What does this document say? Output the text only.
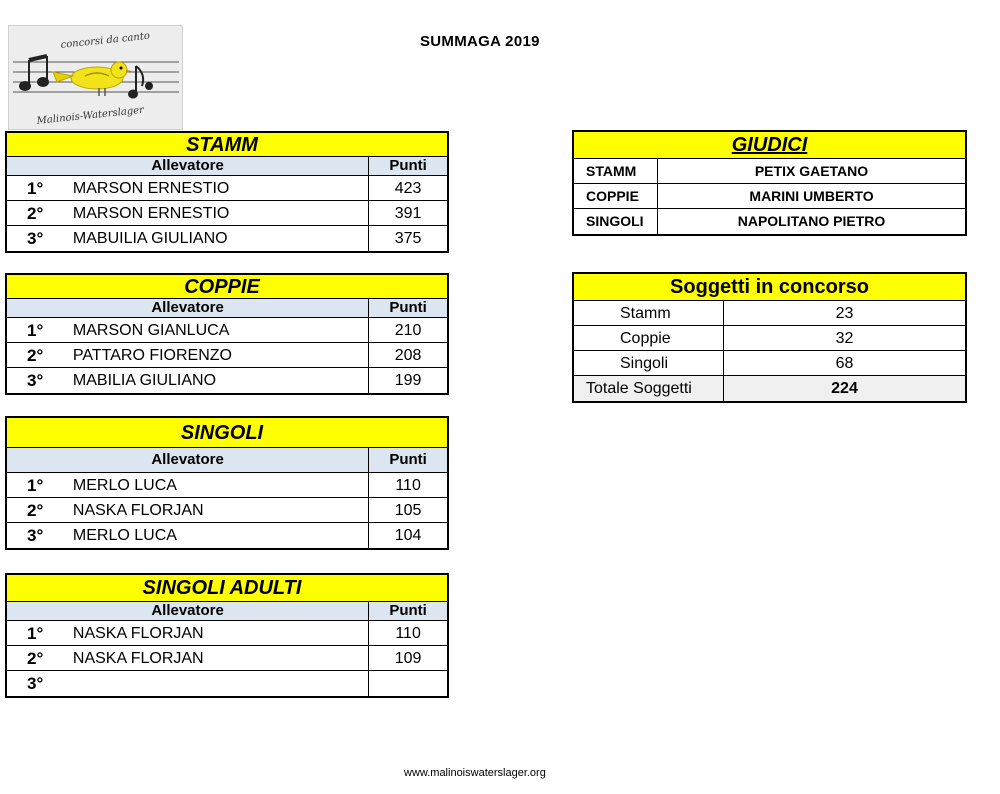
concorsi da canto
Malinois-Waterslager
SUMMAGA 2019
STAMM
Allevatore	Punti
1°	MARSON ERNESTIO	423
2°	MARSON ERNESTIO	391
3°	MABUILIA GIULIANO	375
COPPIE
Allevatore	Punti
1°	MARSON GIANLUCA	210
2°	PATTARO FIORENZO	208
3°	MABILIA GIULIANO	199
SINGOLI
Allevatore	Punti
1°	MERLO LUCA	110
2°	NASKA FLORJAN	105
3°	MERLO LUCA	104
SINGOLI ADULTI
Allevatore	Punti
1°	NASKA FLORJAN	110
2°	NASKA FLORJAN	109
3°
GIUDICI
STAMM	PETIX GAETANO
COPPIE	MARINI UMBERTO
SINGOLI	NAPOLITANO PIETRO
Soggetti in concorso
Stamm	23
Coppie	32
Singoli	68
Totale Soggetti	224
www.malinoiswaterslager.org
